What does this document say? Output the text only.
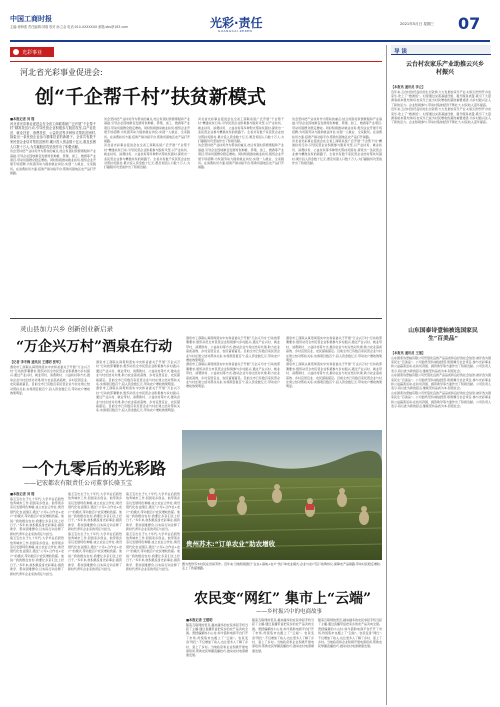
中国工商时报
主编:徐海燕 责任编辑:刘翔 校对:孙立金 电话:010-XXXXXXX 邮箱:zbs@163.com	光彩·责任
GUANGCAI·ZEREN
2021年5月日 星期三 07
光彩事业
河北省光彩事业促进会:
创“千企帮千村”扶贫新模式
■本报记者 刘 翔
河北省光彩事业促进会在全省工商联系统广泛开展“千企帮千村”精准扶贫行动,引导民营企业积极参与脱贫攻坚,以产业扶贫、就业扶贫、消费扶贫、公益扶贫等多种形式帮扶贫困村,探索出一条民营企业参与精准扶贫的新路子。全省共有数千家民营企业结对帮扶贫困村,累计投入资金数十亿元,惠及贫困人口数十万人,为打赢脱贫攻坚战作出了积极贡献。
该会坚持把产业扶贫作为帮扶的重点,结合贫困村资源禀赋和产业基础,引导企业因地制宜发展特色种植、养殖、加工、旅游等产业项目,带动贫困群众稳定增收。同时积极推动就业扶贫,组织企业开展专场招聘,为贫困劳动力提供就业岗位,实现一人就业、全家脱贫。在消费扶贫方面,搭建产销对接平台,帮助贫困地区农产品打开销路。
该会坚持把产业扶贫作为帮扶的重点,结合贫困村资源禀赋和产业基础,引导企业因地制宜发展特色种植、养殖、加工、旅游等产业项目,带动贫困群众稳定增收。同时积极推动就业扶贫,组织企业开展专场招聘,为贫困劳动力提供就业岗位,实现一人就业、全家脱贫。在消费扶贫方面,搭建产销对接平台,帮助贫困地区农产品打开销路。
河北省光彩事业促进会在全省工商联系统广泛开展“千企帮千村”精准扶贫行动,引导民营企业积极参与脱贫攻坚,以产业扶贫、就业扶贫、消费扶贫、公益扶贫等多种形式帮扶贫困村,探索出一条民营企业参与精准扶贫的新路子。全省共有数千家民营企业结对帮扶贫困村,累计投入资金数十亿元,惠及贫困人口数十万人,为打赢脱贫攻坚战作出了积极贡献。
河北省光彩事业促进会在全省工商联系统广泛开展“千企帮千村”精准扶贫行动,引导民营企业积极参与脱贫攻坚,以产业扶贫、就业扶贫、消费扶贫、公益扶贫等多种形式帮扶贫困村,探索出一条民营企业参与精准扶贫的新路子。全省共有数千家民营企业结对帮扶贫困村,累计投入资金数十亿元,惠及贫困人口数十万人,为打赢脱贫攻坚战作出了积极贡献。
该会坚持把产业扶贫作为帮扶的重点,结合贫困村资源禀赋和产业基础,引导企业因地制宜发展特色种植、养殖、加工、旅游等产业项目,带动贫困群众稳定增收。同时积极推动就业扶贫,组织企业开展专场招聘,为贫困劳动力提供就业岗位,实现一人就业、全家脱贫。在消费扶贫方面,搭建产销对接平台,帮助贫困地区农产品打开销路。
该会坚持把产业扶贫作为帮扶的重点,结合贫困村资源禀赋和产业基础,引导企业因地制宜发展特色种植、养殖、加工、旅游等产业项目,带动贫困群众稳定增收。同时积极推动就业扶贫,组织企业开展专场招聘,为贫困劳动力提供就业岗位,实现一人就业、全家脱贫。在消费扶贫方面,搭建产销对接平台,帮助贫困地区农产品打开销路。
河北省光彩事业促进会在全省工商联系统广泛开展“千企帮千村”精准扶贫行动,引导民营企业积极参与脱贫攻坚,以产业扶贫、就业扶贫、消费扶贫、公益扶贫等多种形式帮扶贫困村,探索出一条民营企业参与精准扶贫的新路子。全省共有数千家民营企业结对帮扶贫困村,累计投入资金数十亿元,惠及贫困人口数十万人,为打赢脱贫攻坚战作出了积极贡献。
灵山县加力兴乡 创新创业新启录
“万企兴万村”酒泉在行动
【记者 李冬梅 通讯员 王建明 张华】
酒泉市工商联认真贯彻落实中央和省委关于开展“万企兴万村”行动的部署要求,组织动员全市民营企业积极参与乡村振兴,通过产业兴村、就业带村、消费助村、公益扶村等方式,推动企业与村庄结对共建,助力农业高质高效、乡村宜居宜业、农民富裕富足。目前全市已有数百家民营企业与村庄建立结对帮扶关系,实施项目数百个,投入资金数亿元,带动农户增收效果明显。
酒泉市工商联认真贯彻落实中央和省委关于开展“万企兴万村”行动的部署要求,组织动员全市民营企业积极参与乡村振兴,通过产业兴村、就业带村、消费助村、公益扶村等方式,推动企业与村庄结对共建,助力农业高质高效、乡村宜居宜业、农民富裕富足。目前全市已有数百家民营企业与村庄建立结对帮扶关系,实施项目数百个,投入资金数亿元,带动农户增收效果明显。
酒泉市工商联认真贯彻落实中央和省委关于开展“万企兴万村”行动的部署要求,组织动员全市民营企业积极参与乡村振兴,通过产业兴村、就业带村、消费助村、公益扶村等方式,推动企业与村庄结对共建,助力农业高质高效、乡村宜居宜业、农民富裕富足。目前全市已有数百家民营企业与村庄建立结对帮扶关系,实施项目数百个,投入资金数亿元,带动农户增收效果明显。
酒泉市工商联认真贯彻落实中央和省委关于开展“万企兴万村”行动的部署要求,组织动员全市民营企业积极参与乡村振兴,通过产业兴村、就业带村、消费助村、公益扶村等方式,推动企业与村庄结对共建,助力农业高质高效、乡村宜居宜业、农民富裕富足。目前全市已有数百家民营企业与村庄建立结对帮扶关系,实施项目数百个,投入资金数亿元,带动农户增收效果明显。
酒泉市工商联认真贯彻落实中央和省委关于开展“万企兴万村”行动的部署要求,组织动员全市民营企业积极参与乡村振兴,通过产业兴村、就业带村、消费助村、公益扶村等方式,推动企业与村庄结对共建,助力农业高质高效、乡村宜居宜业、农民富裕富足。目前全市已有数百家民营企业与村庄建立结对帮扶关系,实施项目数百个,投入资金数亿元,带动农户增收效果明显。
酒泉市工商联认真贯彻落实中央和省委关于开展“万企兴万村”行动的部署要求,组织动员全市民营企业积极参与乡村振兴,通过产业兴村、就业带村、消费助村、公益扶村等方式,推动企业与村庄结对共建,助力农业高质高效、乡村宜居宜业、农民富裕富足。目前全市已有数百家民营企业与村庄建立结对帮扶关系,实施项目数百个,投入资金数亿元,带动农户增收效果明显。
酒泉市工商联认真贯彻落实中央和省委关于开展“万企兴万村”行动的部署要求,组织动员全市民营企业积极参与乡村振兴,通过产业兴村、就业带村、消费助村、公益扶村等方式,推动企业与村庄结对共建,助力农业高质高效、乡村宜居宜业、农民富裕富足。目前全市已有数百家民营企业与村庄建立结对帮扶关系,实施项目数百个,投入资金数亿元,带动农户增收效果明显。
贵州苏木:“订单农业”助农增收
图为贵州苏木村民在田间劳作。近年来,当地积极推行“企业+基地+农户”的订单农业模式,企业与农户签订收购协议,保障农产品销路,带动村民稳定增收,走上了致富道路。
一个九零后的光彩路
——记宏都农有限责任公司董事长骆玉宝
■本报记者 刘 翔
骆玉宝出生于九十年代,大学毕业后毅然放弃城市工作,回到家乡创业。他带领乡亲们发展特色种植,成立农业合作社,建设现代化农业园区,通过“公司+合作社+农户”的模式,带动数百户农民增收致富。他说:“我的根在农村,我要让乡亲们过上好日子。”多年来,他积极投身光彩事业,捐资助学、帮扶困难群众,以实际行动诠释了新时代青年企业家的责任与担当。
骆玉宝出生于九十年代,大学毕业后毅然放弃城市工作,回到家乡创业。他带领乡亲们发展特色种植,成立农业合作社,建设现代化农业园区,通过“公司+合作社+农户”的模式,带动数百户农民增收致富。他说:“我的根在农村,我要让乡亲们过上好日子。”多年来,他积极投身光彩事业,捐资助学、帮扶困难群众,以实际行动诠释了新时代青年企业家的责任与担当。
骆玉宝出生于九十年代,大学毕业后毅然放弃城市工作,回到家乡创业。他带领乡亲们发展特色种植,成立农业合作社,建设现代化农业园区,通过“公司+合作社+农户”的模式,带动数百户农民增收致富。他说:“我的根在农村,我要让乡亲们过上好日子。”多年来,他积极投身光彩事业,捐资助学、帮扶困难群众,以实际行动诠释了新时代青年企业家的责任与担当。
骆玉宝出生于九十年代,大学毕业后毅然放弃城市工作,回到家乡创业。他带领乡亲们发展特色种植,成立农业合作社,建设现代化农业园区,通过“公司+合作社+农户”的模式,带动数百户农民增收致富。他说:“我的根在农村,我要让乡亲们过上好日子。”多年来,他积极投身光彩事业,捐资助学、帮扶困难群众,以实际行动诠释了新时代青年企业家的责任与担当。
骆玉宝出生于九十年代,大学毕业后毅然放弃城市工作,回到家乡创业。他带领乡亲们发展特色种植,成立农业合作社,建设现代化农业园区,通过“公司+合作社+农户”的模式,带动数百户农民增收致富。他说:“我的根在农村,我要让乡亲们过上好日子。”多年来,他积极投身光彩事业,捐资助学、帮扶困难群众,以实际行动诠释了新时代青年企业家的责任与担当。
骆玉宝出生于九十年代,大学毕业后毅然放弃城市工作,回到家乡创业。他带领乡亲们发展特色种植,成立农业合作社,建设现代化农业园区,通过“公司+合作社+农户”的模式,带动数百户农民增收致富。他说:“我的根在农村,我要让乡亲们过上好日子。”多年来,他积极投身光彩事业,捐资助学、帮扶困难群众,以实际行动诠释了新时代青年企业家的责任与担当。
农民变“网红” 集市上“云端”
——乡村振兴中的电商故事
■本报记者 王建明
随着互联网的普及,越来越多的农民拿起手机当起了主播,通过直播带货把家乡的农产品卖向全国。曾经偏僻的小山村,如今借助电商平台打开了市场,传统集市也搬上了“云端”。农民变身“网红”,不仅增加了收入,也让更多人了解了乡村、爱上了乡村。当地政府和企业积极开展电商培训,帮助农民掌握直播技巧,推动农村电商健康发展。
随着互联网的普及,越来越多的农民拿起手机当起了主播,通过直播带货把家乡的农产品卖向全国。曾经偏僻的小山村,如今借助电商平台打开了市场,传统集市也搬上了“云端”。农民变身“网红”,不仅增加了收入,也让更多人了解了乡村、爱上了乡村。当地政府和企业积极开展电商培训,帮助农民掌握直播技巧,推动农村电商健康发展。
随着互联网的普及,越来越多的农民拿起手机当起了主播,通过直播带货把家乡的农产品卖向全国。曾经偏僻的小山村,如今借助电商平台打开了市场,传统集市也搬上了“云端”。农民变身“网红”,不仅增加了收入,也让更多人了解了乡村、爱上了乡村。当地政府和企业积极开展电商培训,帮助农民掌握直播技巧,推动农村电商健康发展。
导 读
云台村农家乐产业助推云兴乡村振兴
【本报讯 通讯员 李立】
近年来,云台村依托良好的生态资源,大力发展农家乐产业,村民们纷纷开办农家乐,吃上了“旅游饭”。村里通过完善基础设施、提升服务质量,吸引了大量游客前来观光休闲,农家乐已成为村民增收致富的重要途径,为乡村振兴注入了新的活力。企业积极参与,带动村集体经济不断壮大,村民收入逐年提高。
近年来,云台村依托良好的生态资源,大力发展农家乐产业,村民们纷纷开办农家乐,吃上了“旅游饭”。村里通过完善基础设施、提升服务质量,吸引了大量游客前来观光休闲,农家乐已成为村民增收致富的重要途径,为乡村振兴注入了新的活力。企业积极参与,带动村集体经济不断壮大,村民收入逐年提高。
山东国泰诗壹轴被选国家民生“百美品”
【本报讯 通讯员 王强】
山东国泰诗壹轴有限公司凭借优良的产品品质和良好的社会信誉,被评选为国家民生“百美品”。公司始终坚持诚信经营,积极履行社会责任,参与光彩事业和公益慈善活动,在扶贫济困、捐资助学等方面作出了积极贡献。公司负责人表示,将以此为新的起点,继续坚持品质为本,回报社会。
山东国泰诗壹轴有限公司凭借优良的产品品质和良好的社会信誉,被评选为国家民生“百美品”。公司始终坚持诚信经营,积极履行社会责任,参与光彩事业和公益慈善活动,在扶贫济困、捐资助学等方面作出了积极贡献。公司负责人表示,将以此为新的起点,继续坚持品质为本,回报社会。
山东国泰诗壹轴有限公司凭借优良的产品品质和良好的社会信誉,被评选为国家民生“百美品”。公司始终坚持诚信经营,积极履行社会责任,参与光彩事业和公益慈善活动,在扶贫济困、捐资助学等方面作出了积极贡献。公司负责人表示,将以此为新的起点,继续坚持品质为本,回报社会。
